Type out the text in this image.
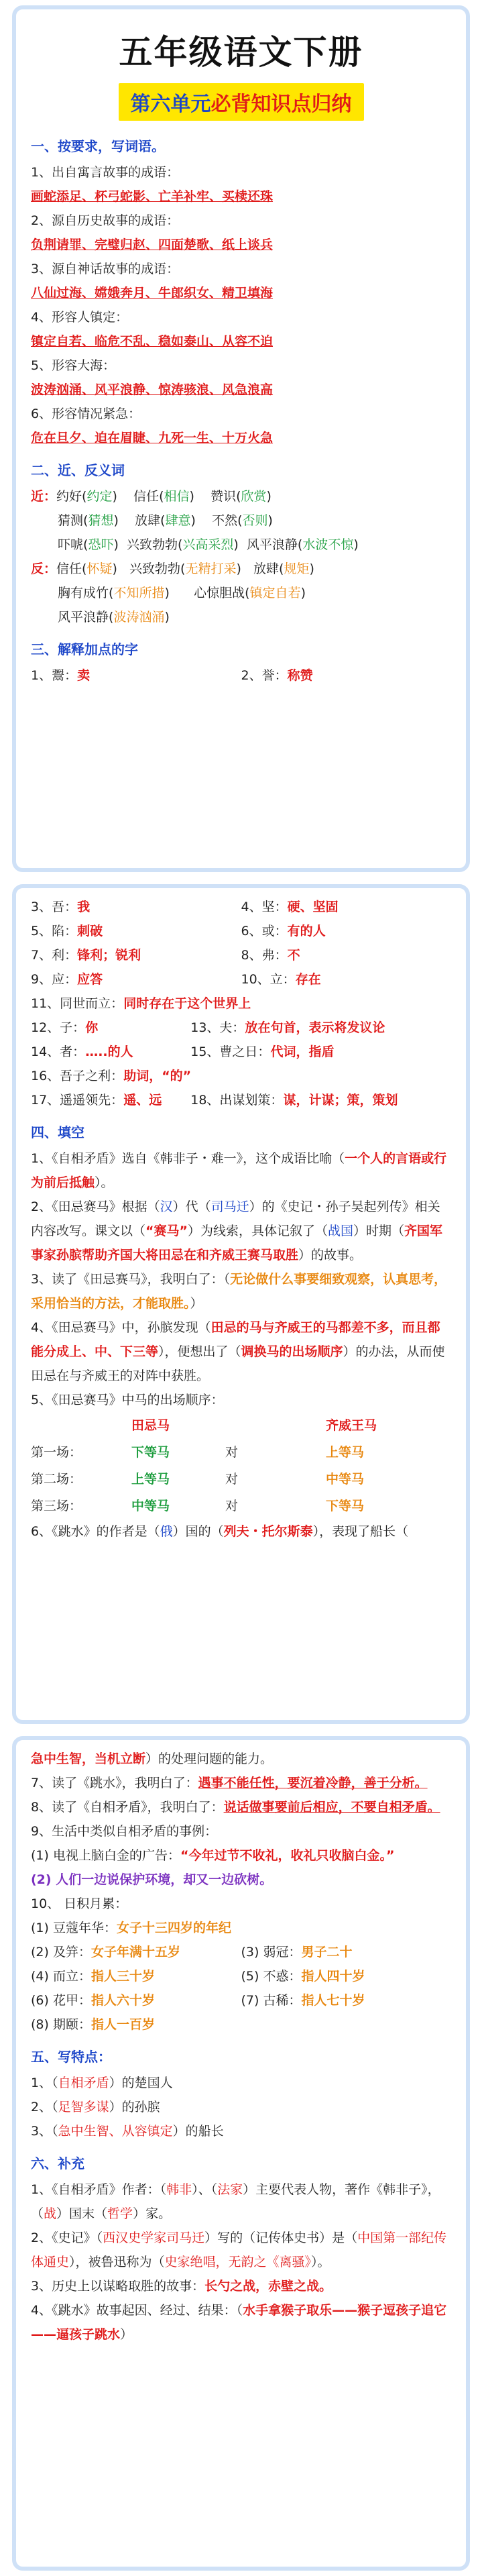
五年级语文下册
第六单元必背知识点归纳
一、按要求，写词语。
1、出自寓言故事的成语：
画蛇添足、杯弓蛇影、亡羊补牢、买椟还珠
2、源自历史故事的成语：
负荆请罪、完璧归赵、四面楚歌、纸上谈兵
3、源自神话故事的成语：
八仙过海、嫦娥奔月、牛郎织女、精卫填海
4、形容人镇定：
镇定自若、临危不乱、稳如泰山、从容不迫
5、形容大海：
波涛汹涌、风平浪静、惊涛骇浪、风急浪高
6、形容情况紧急：
危在旦夕、迫在眉睫、九死一生、十万火急
二、近、反义词
近：约好(约定)    信任(相信)    赞识(欣赏)
猜测(猜想)    放肆(肆意)    不然(否则)
吓唬(恐吓)  兴致勃勃(兴高采烈)  风平浪静(水波不惊)
反：信任(怀疑)   兴致勃勃(无精打采)   放肆(规矩)
胸有成竹(不知所措)      心惊胆战(镇定自若)
风平浪静(波涛汹涌)
三、解释加点的字
1、鬻：卖	2、誉：称赞
3、吾：我	4、坚：硬、坚固
5、陷：刺破	6、或：有的人
7、利：锋利；锐利	8、弗：不
9、应：应答	10、立：存在
11、同世而立：同时存在于这个世界上
12、子：你	13、夫：放在句首，表示将发议论
14、者：…..的人	15、曹之日：代词，指盾
16、吾子之利：助词，“的”
17、遥遥领先：遥、远	18、出谋划策：谋，计谋；策，策划
四、填空
1、《自相矛盾》选自《韩非子・难一》，这个成语比喻（一个人的言语或行为前后抵触）。
2、《田忌赛马》根据（汉）代（司马迁）的《史记・孙子吴起列传》相关内容改写。课文以（“赛马”）为线索，具体记叙了（战国）时期（齐国军事家孙膑帮助齐国大将田忌在和齐威王赛马取胜）的故事。
3、读了《田忌赛马》，我明白了：（无论做什么事要细致观察，认真思考，采用恰当的方法，才能取胜。）
4、《田忌赛马》中，孙膑发现（田忌的马与齐威王的马都差不多，而且都能分成上、中、下三等），便想出了（调换马的出场顺序）的办法，从而使田忌在与齐威王的对阵中获胜。
5、《田忌赛马》中马的出场顺序：
田忌马	齐威王马
第一场：	下等马	对	上等马
第二场：	上等马	对	中等马
第三场：	中等马	对	下等马
6、《跳水》的作者是（俄）国的（列夫・托尔斯泰），表现了船长（
急中生智，当机立断）的处理问题的能力。
7、读了《跳水》，我明白了：遇事不能任性，要沉着冷静，善于分析。
8、读了《自相矛盾》，我明白了：说话做事要前后相应，不要自相矛盾。
9、生活中类似自相矛盾的事例：
(1) 电视上脑白金的广告：“今年过节不收礼，收礼只收脑白金。”
(2) 人们一边说保护环境，却又一边砍树。
10、 日积月累：
(1) 豆蔻年华：女子十三四岁的年纪
(2) 及笄：女子年满十五岁	(3) 弱冠：男子二十
(4) 而立：指人三十岁	(5) 不惑：指人四十岁
(6) 花甲：指人六十岁	(7) 古稀：指人七十岁
(8) 期颐：指人一百岁
五、写特点：
1、（自相矛盾）的楚国人
2、（足智多谋）的孙膑
3、（急中生智、从容镇定）的船长
六、补充
1、《自相矛盾》作者：（韩非）、（法家）主要代表人物，著作《韩非子》，（战）国末（哲学）家。
2、《史记》（西汉史学家司马迁）写的（记传体史书）是（中国第一部纪传体通史），被鲁迅称为（史家绝唱，无韵之《离骚》）。
3、历史上以谋略取胜的故事：长勺之战，赤壁之战。
4、《跳水》故事起因、经过、结果：（水手拿猴子取乐——猴子逗孩子追它——逼孩子跳水）
